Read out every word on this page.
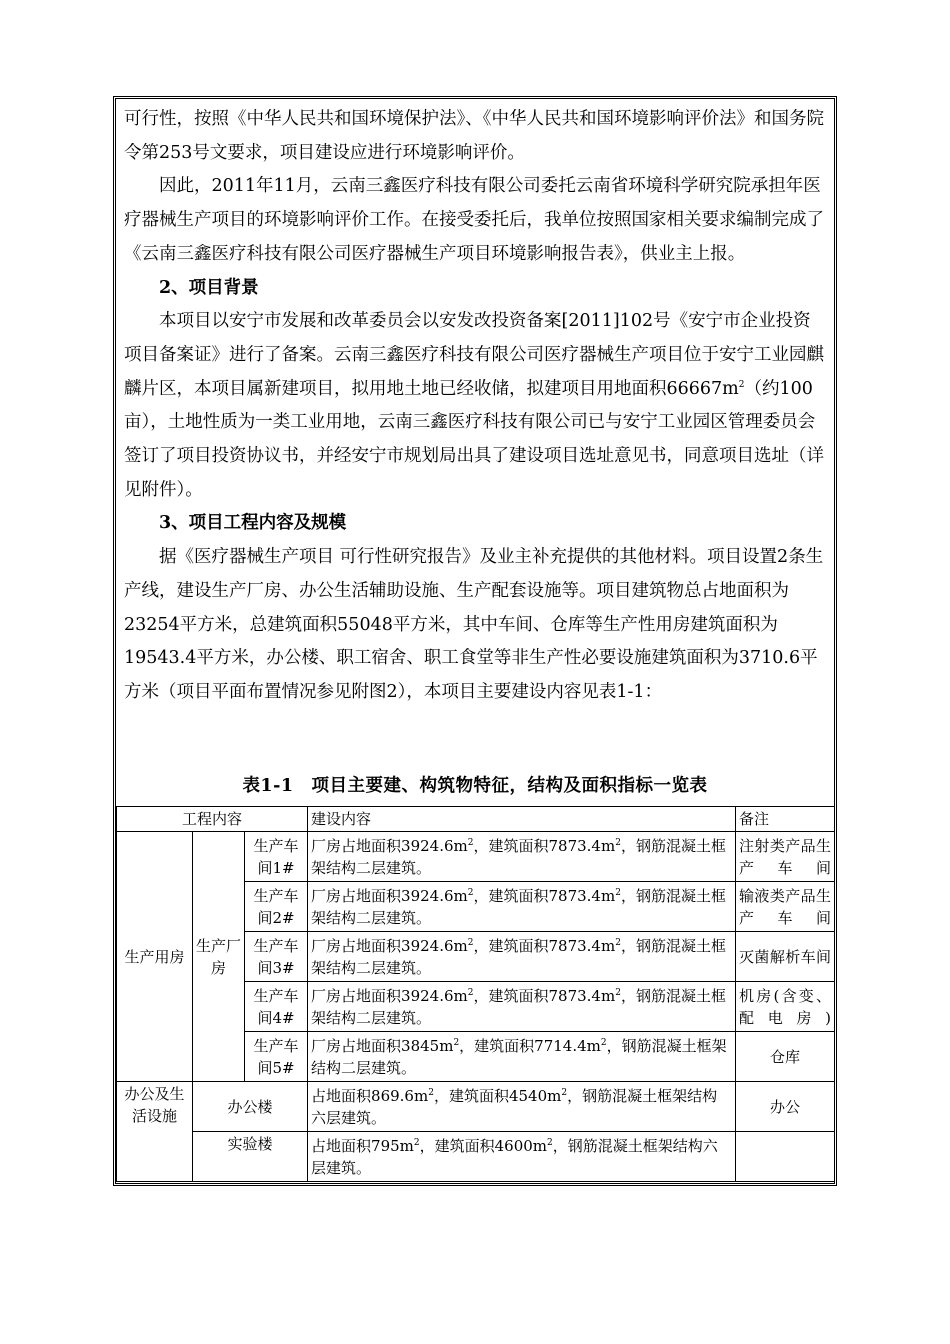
可行性，按照《中华人民共和国环境保护法》、《中华人民共和国环境影响评价法》和国务院令第253号文要求，项目建设应进行环境影响评价。

因此，2011年11月，云南三鑫医疗科技有限公司委托云南省环境科学研究院承担年医疗器械生产项目的环境影响评价工作。在接受委托后，我单位按照国家相关要求编制完成了《云南三鑫医疗科技有限公司医疗器械生产项目环境影响报告表》，供业主上报。

2、项目背景

本项目以安宁市发展和改革委员会以安发改投资备案[2011]102号《安宁市企业投资项目备案证》进行了备案。云南三鑫医疗科技有限公司医疗器械生产项目位于安宁工业园麒麟片区，本项目属新建项目，拟用地土地已经收储，拟建项目用地面积$66667m^2$（约100亩），土地性质为一类工业用地，云南三鑫医疗科技有限公司已与安宁工业园区管理委员会签订了项目投资协议书，并经安宁市规划局出具了建设项目选址意见书，同意项目选址（详见附件）。

3、项目工程内容及规模

据《医疗器械生产项目 可行性研究报告》及业主补充提供的其他材料。项目设置2条生产线，建设生产厂房、办公生活辅助设施、生产配套设施等。项目建筑物总占地面积为23254平方米，总建筑面积55048平方米，其中车间、仓库等生产性用房建筑面积为19543.4平方米，办公楼、职工宿舍、职工食堂等非生产性必要设施建筑面积为3710.6平方米（项目平面布置情况参见附图2），本项目主要建设内容见表1-1：

表1-1　项目主要建、构筑物特征，结构及面积指标一览表
工程内容			建设内容	备注
生产用房	生产厂房	生产车间1#	厂房占地面积$3924.6m^2$，建筑面积$7873.4m^2$，钢筋混凝土框架结构二层建筑。	注射类产品生产车间
		生产车间2#	厂房占地面积$3924.6m^2$，建筑面积$7873.4m^2$，钢筋混凝土框架结构二层建筑。	输液类产品生产车间
		生产车间3#	厂房占地面积$3924.6m^2$，建筑面积$7873.4m^2$，钢筋混凝土框架结构二层建筑。	灭菌解析车间
		生产车间4#	厂房占地面积$3924.6m^2$，建筑面积$7873.4m^2$，钢筋混凝土框架结构二层建筑。	机房(含变、配电房)
		生产车间5#	厂房占地面积$3845m^2$，建筑面积$7714.4m^2$，钢筋混凝土框架结构二层建筑。	仓库
办公及生活设施	办公楼		占地面积$869.6m^2$，建筑面积$4540m^2$，钢筋混凝土框架结构六层建筑。	办公
	实验楼		占地面积$795m^2$，建筑面积$4600m^2$，钢筋混凝土框架结构六层建筑。	
